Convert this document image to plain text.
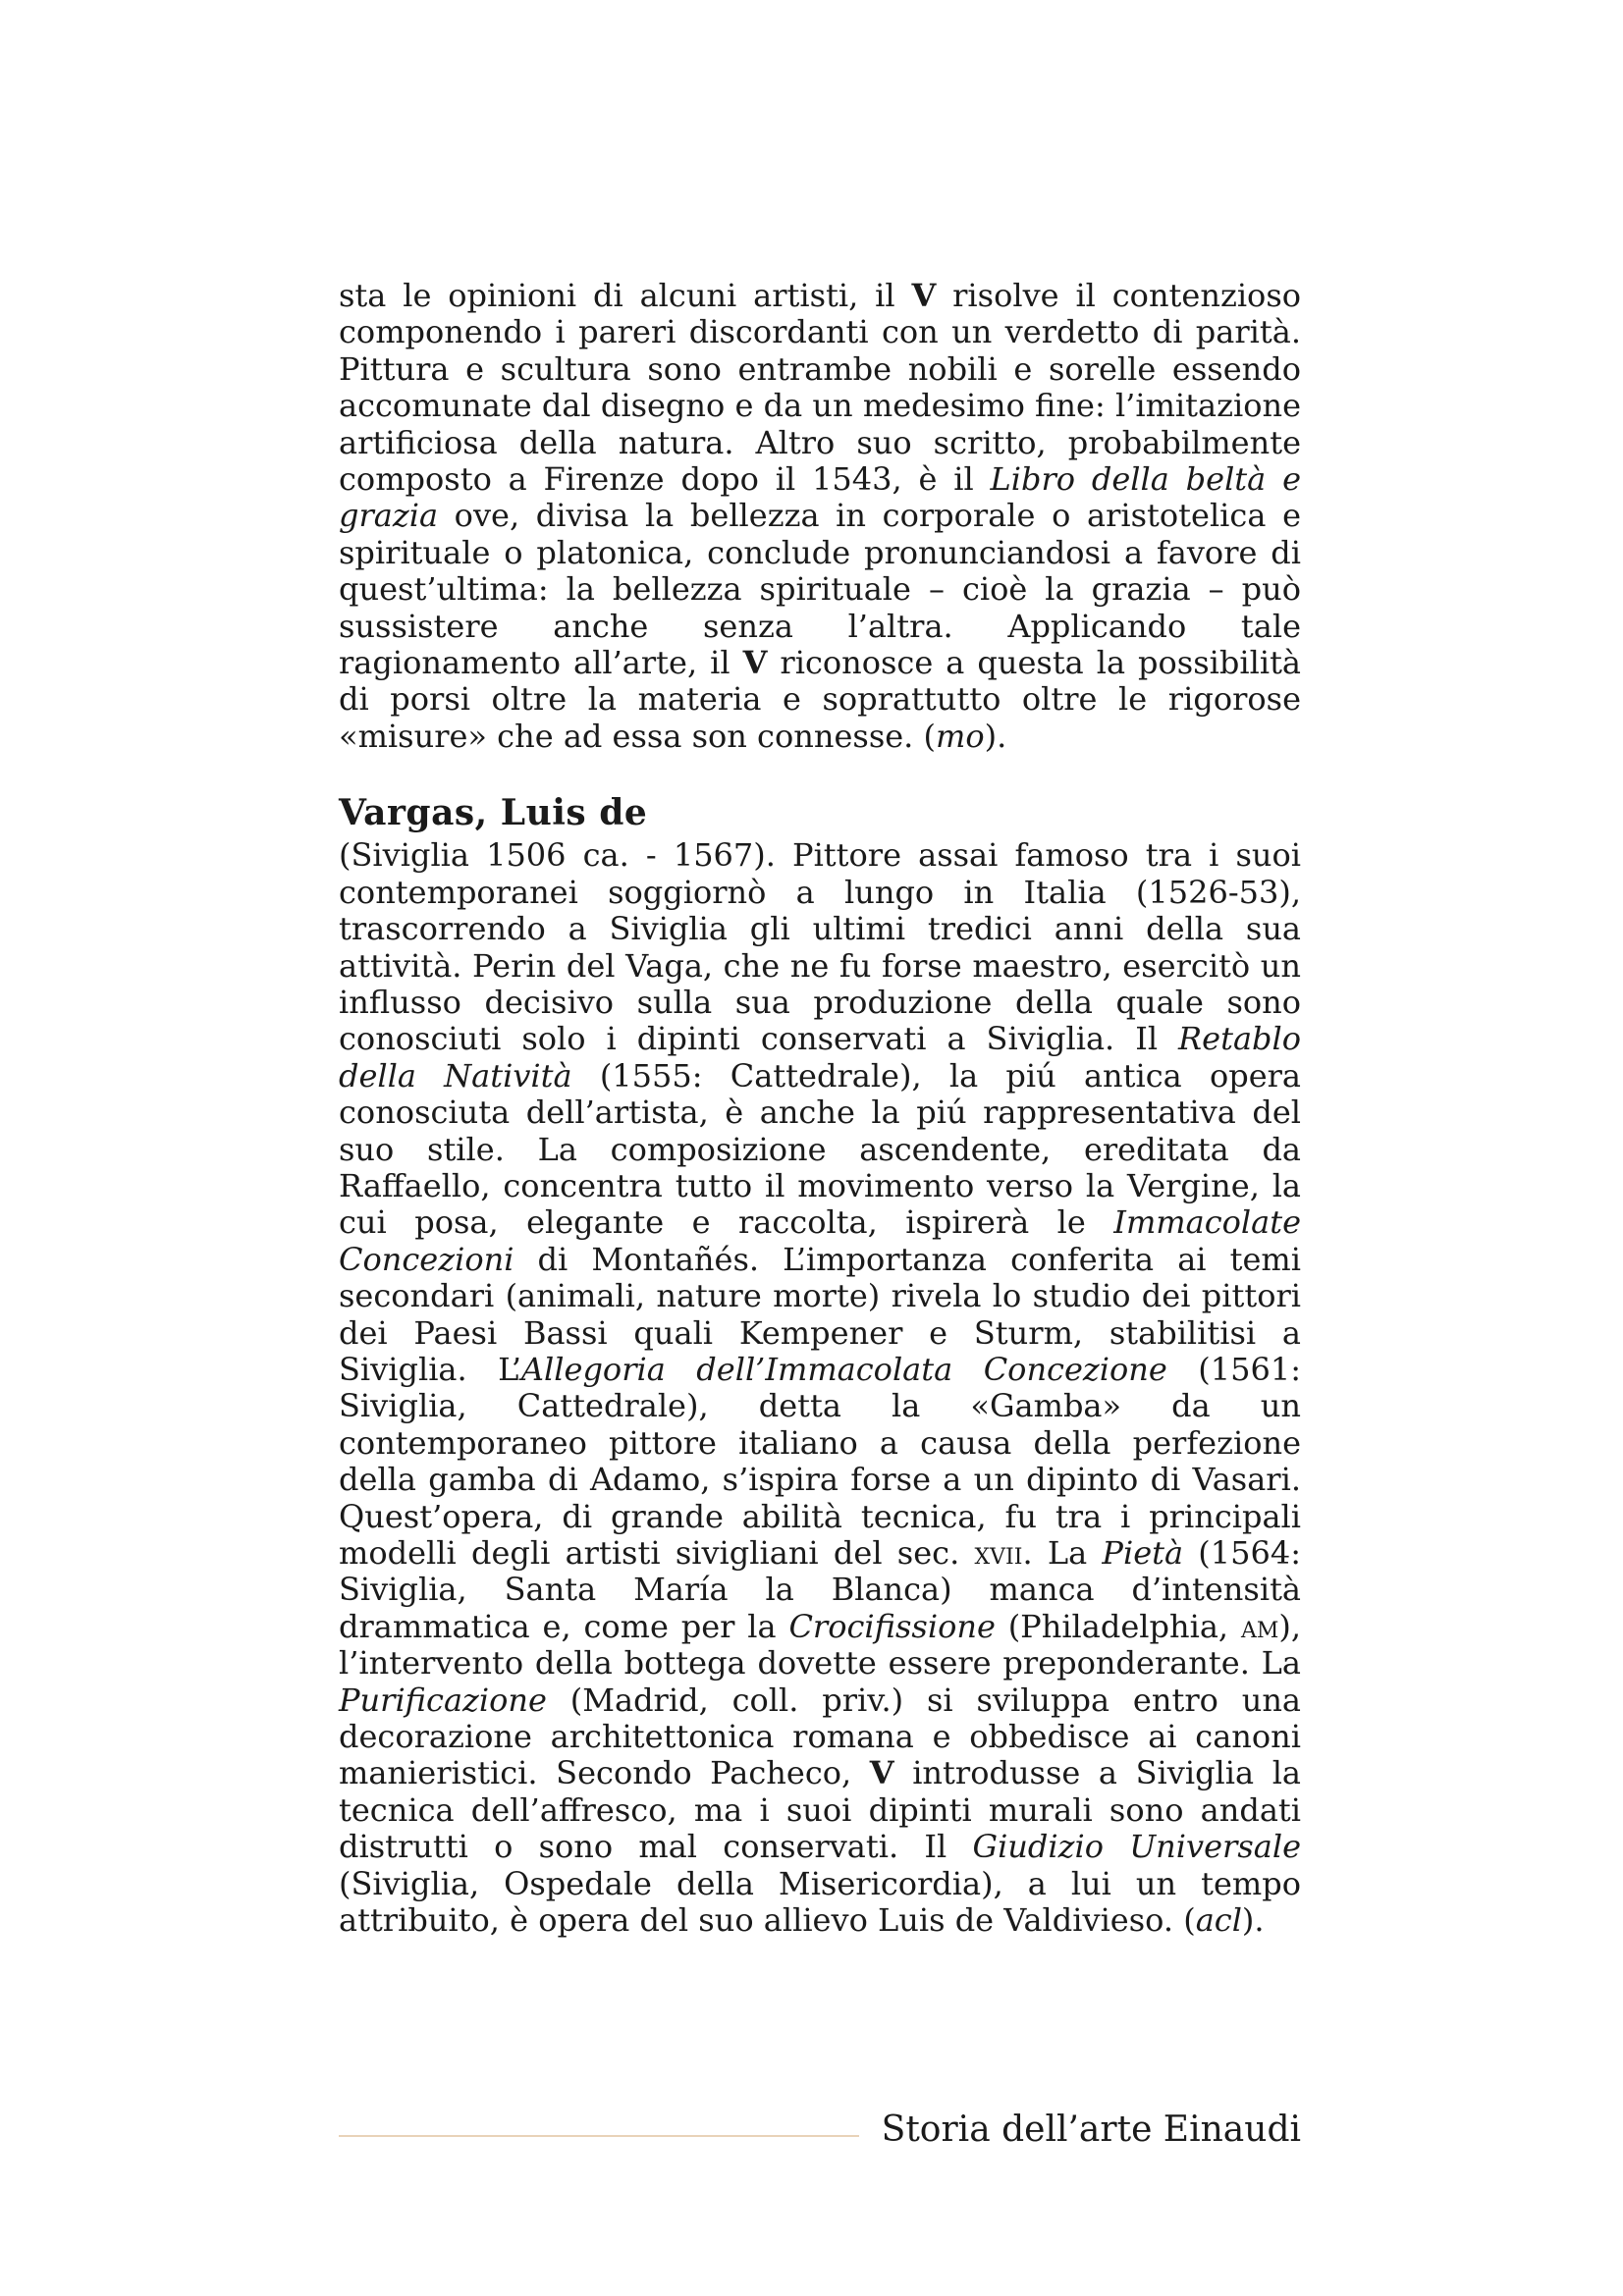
sta le opinioni di alcuni artisti, il V risolve il contenzioso componendo i pareri discordanti con un verdetto di parità. Pittura e scultura sono entrambe nobili e sorelle essendo accomunate dal disegno e da un medesimo fine: l’imitazione artificiosa della natura. Altro suo scritto, probabilmente composto a Firenze dopo il 1543, è il Libro della beltà e grazia ove, divisa la bellezza in corporale o aristotelica e spirituale o platonica, conclude pronunciandosi a favore di quest’ultima: la bellezza spirituale – cioè la grazia – può sussistere anche senza l’altra. Applicando tale ragionamento all’arte, il V riconosce a questa la possibilità di porsi oltre la materia e soprattutto oltre le rigorose «misure» che ad essa son connesse. (mo).

Vargas, Luis de

(Siviglia 1506 ca. - 1567). Pittore assai famoso tra i suoi contemporanei soggiornò a lungo in Italia (1526-53), trascorrendo a Siviglia gli ultimi tredici anni della sua attività. Perin del Vaga, che ne fu forse maestro, esercitò un influsso decisivo sulla sua produzione della quale sono conosciuti solo i dipinti conservati a Siviglia. Il Retablo della Natività (1555: Cattedrale), la piú antica opera conosciuta dell’artista, è anche la piú rappresentativa del suo stile. La composizione ascendente, ereditata da Raffaello, concentra tutto il movimento verso la Vergine, la cui posa, elegante e raccolta, ispirerà le Immacolate Concezioni di Montañés. L’importanza conferita ai temi secondari (animali, nature morte) rivela lo studio dei pittori dei Paesi Bassi quali Kempener e Sturm, stabilitisi a Siviglia. L’Allegoria dell’Immacolata Concezione (1561: Siviglia, Cattedrale), detta la «Gamba» da un contemporaneo pittore italiano a causa della perfezione della gamba di Adamo, s’ispira forse a un dipinto di Vasari. Quest’opera, di grande abilità tecnica, fu tra i principali modelli degli artisti sivigliani del sec. xvii. La Pietà (1564: Siviglia, Santa María la Blanca) manca d’intensità drammatica e, come per la Crocifissione (Philadelphia, am), l’intervento della bottega dovette essere preponderante. La Purificazione (Madrid, coll. priv.) si sviluppa entro una decorazione architettonica romana e obbedisce ai canoni manieristici. Secondo Pacheco, V introdusse a Siviglia la tecnica dell’affresco, ma i suoi dipinti murali sono andati distrutti o sono mal conservati. Il Giudizio Universale (Siviglia, Ospedale della Misericordia), a lui un tempo attribuito, è opera del suo allievo Luis de Valdivieso. (acl).

Storia dell’arte Einaudi
